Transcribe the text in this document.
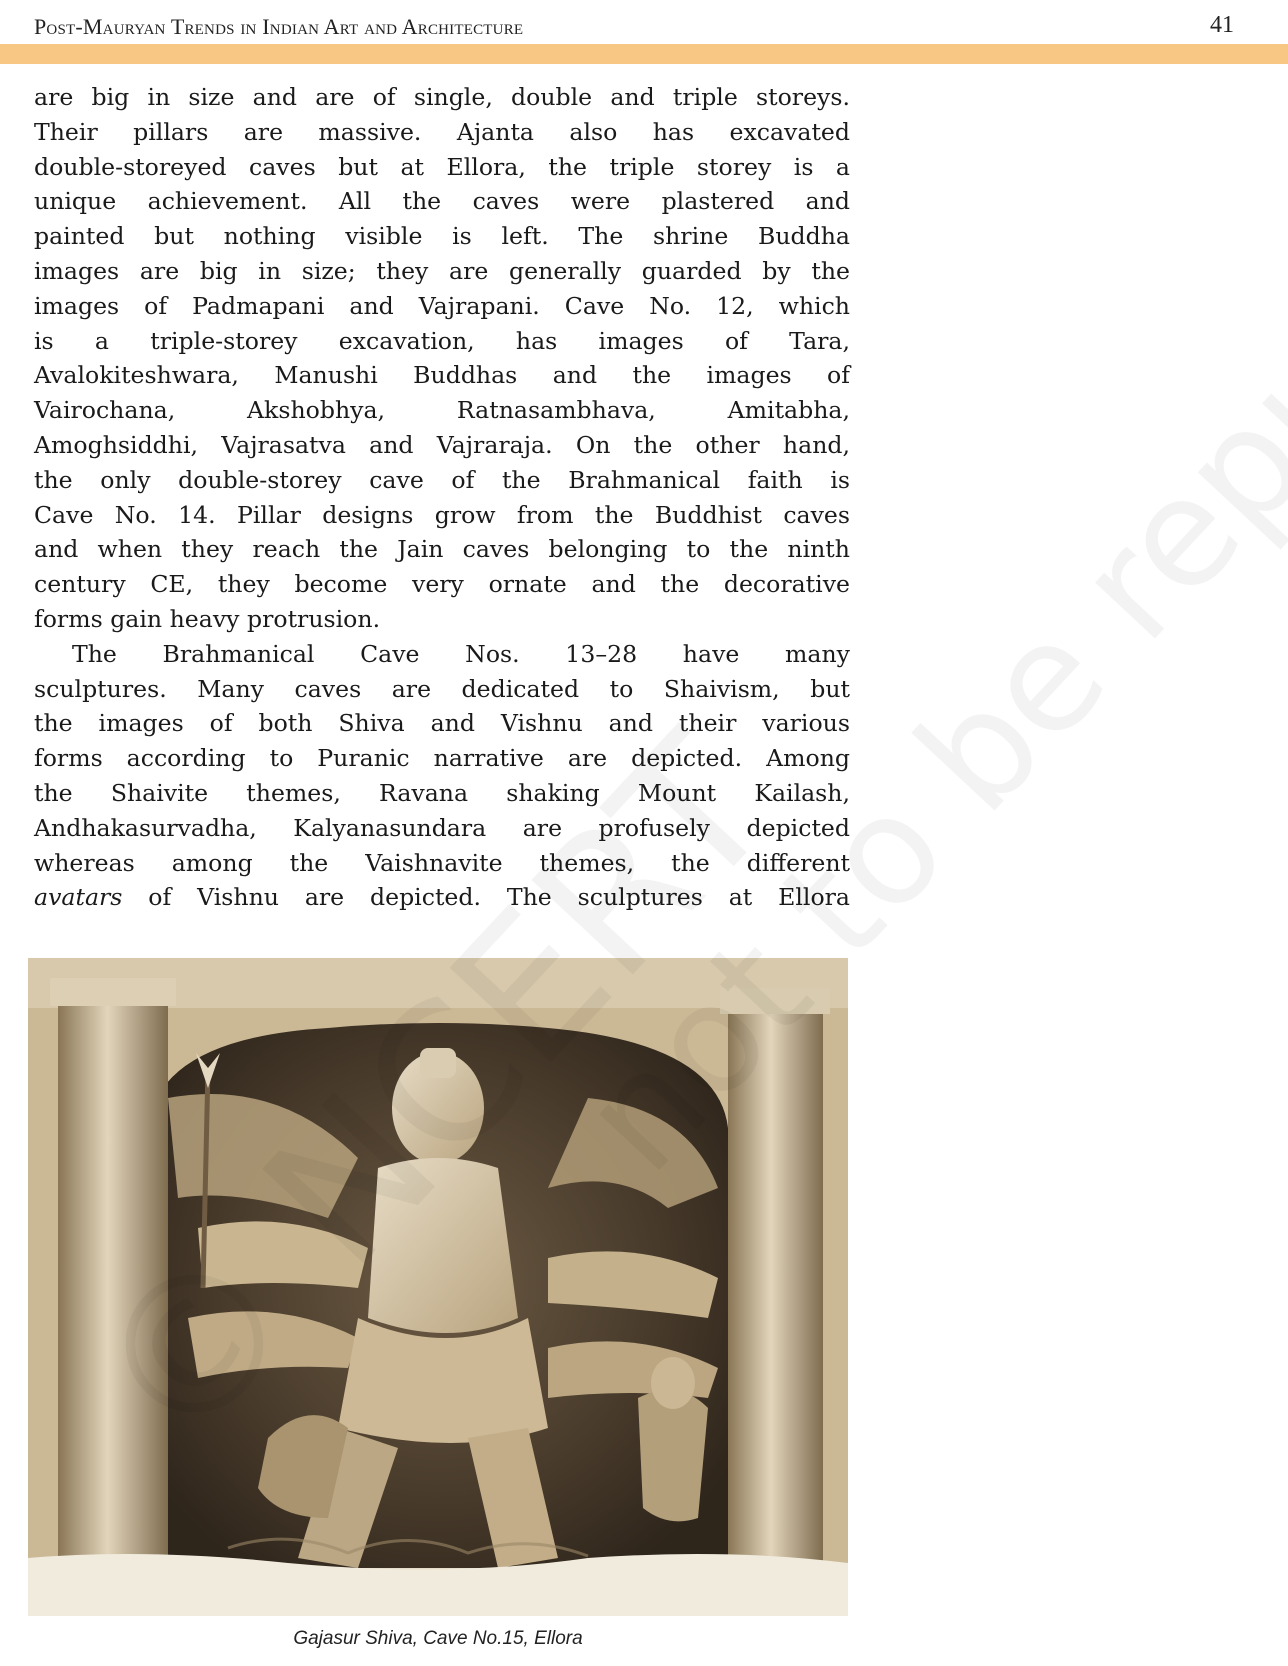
Post-Mauryan Trends in Indian Art and Architecture	41
are big in size and are of single, double and triple storeys.
Their pillars are massive. Ajanta also has excavated
double-storeyed caves but at Ellora, the triple storey is a
unique achievement. All the caves were plastered and
painted but nothing visible is left. The shrine Buddha
images are big in size; they are generally guarded by the
images of Padmapani and Vajrapani. Cave No. 12, which
is a triple-storey excavation, has images of Tara,
Avalokiteshwara, Manushi Buddhas and the images of
Vairochana, Akshobhya, Ratnasambhava, Amitabha,
Amoghsiddhi, Vajrasatva and Vajraraja. On the other hand,
the only double-storey cave of the Brahmanical faith is
Cave No. 14. Pillar designs grow from the Buddhist caves
and when they reach the Jain caves belonging to the ninth
century CE, they become very ornate and the decorative
forms gain heavy protrusion.
The Brahmanical Cave Nos. 13–28 have many
sculptures. Many caves are dedicated to Shaivism, but
the images of both Shiva and Vishnu and their various
forms according to Puranic narrative are depicted. Among
the Shaivite themes, Ravana shaking Mount Kailash,
Andhakasurvadha, Kalyanasundara are profusely depicted
whereas among the Vaishnavite themes, the different
avatars of Vishnu are depicted. The sculptures at Ellora
Gajasur Shiva, Cave No.15, Ellora
